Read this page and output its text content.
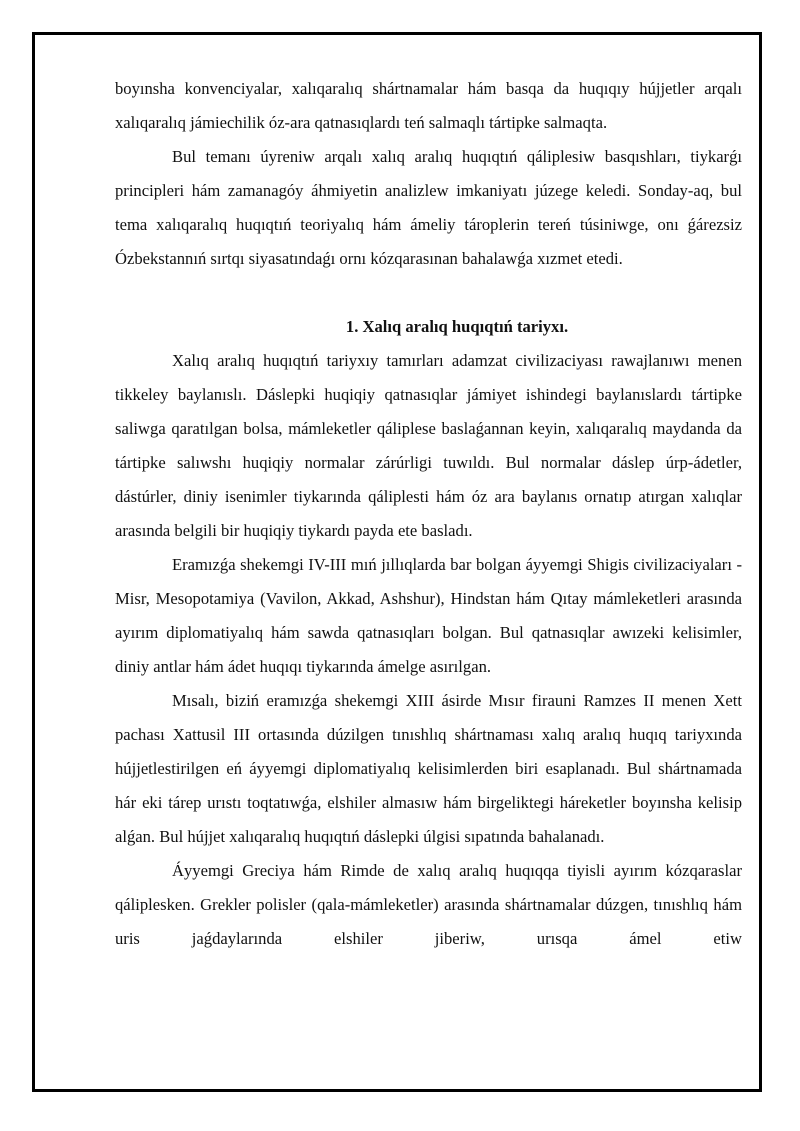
boyınsha konvenciyalar, xalıqaralıq shártnamalar hám basqa da huqıqıy hújjetler arqalı xalıqaralıq jámiechilik óz-ara qatnasıqlardı teń salmaqlı tártipke salmaqta.

Bul temanı úyreniw arqalı xalıq aralıq huqıqtıń qáliplesiw basqıshları, tiykarǵı principleri hám zamanagóy áhmiyetin analizlew imkaniyatı júzege keledi. Sonday-aq, bul tema xalıqaralıq huqıqtıń teoriyalıq hám ámeliy tároplerin tereń túsiniwge, onı ǵárezsiz Ózbekstannıń sırtqı siyasatındaǵı ornı kózqarasınan bahalawǵa xızmet etedi.

1. Xalıq aralıq huqıqtıń tariyxı.

Xalıq aralıq huqıqtıń tariyxıy tamırları adamzat civilizaciyası rawajlanıwı menen tikkeley baylanıslı. Dáslepki huqiqiy qatnasıqlar jámiyet ishindegi baylanıslardı tártipke saliwga qaratılgan bolsa, mámleketler qáliplese baslaǵannan keyin, xalıqaralıq maydanda da tártipke salıwshı huqiqiy normalar zárúrligi tuwıldı. Bul normalar dáslep úrp-ádetler, dástúrler, diniy isenimler tiykarında qáliplesti hám óz ara baylanıs ornatıp atırgan xalıqlar arasında belgili bir huqiqiy tiykardı payda ete basladı.

Eramızǵa shekemgi IV-III mıń jıllıqlarda bar bolgan áyyemgi Shigis civilizaciyaları - Misr, Mesopotamiya (Vavilon, Akkad, Ashshur), Hindstan hám Qıtay mámleketleri arasında ayırım diplomatiyalıq hám sawda qatnasıqları bolgan. Bul qatnasıqlar awızeki kelisimler, diniy antlar hám ádet huqıqı tiykarında ámelge asırılgan.

Mısalı, biziń eramızǵa shekemgi XIII ásirde Mısır firauni Ramzes II menen Xett pachası Xattusil III ortasında dúzilgen tınıshlıq shártnaması xalıq aralıq huqıq tariyxında hújjetlestirilgen eń áyyemgi diplomatiyalıq kelisimlerden biri esaplanadı. Bul shártnamada hár eki tárep urıstı toqtatıwǵa, elshiler almasıw hám birgeliktegi háreketler boyınsha kelisip alǵan. Bul hújjet xalıqaralıq huqıqtıń dáslepki úlgisi sıpatında bahalanadı.

Áyyemgi Greciya hám Rimde de xalıq aralıq huqıqqa tiyisli ayırım kózqaraslar qáliplesken. Grekler polisler (qala-mámleketler) arasında shártnamalar dúzgen, tınıshlıq hám uris jaǵdaylarında elshiler jiberiw, urısqa ámel etiw
